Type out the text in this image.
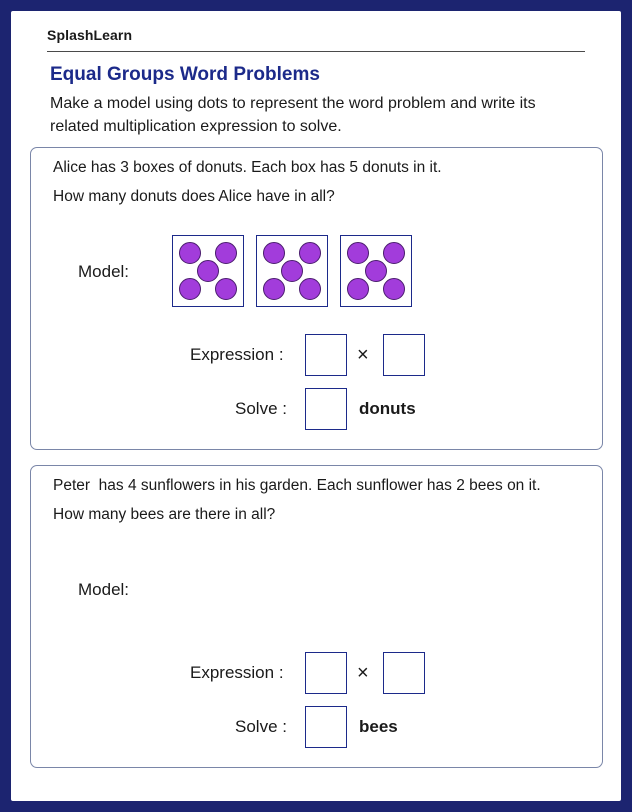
SplashLearn
Equal Groups Word Problems
Make a model using dots to represent the word problem and write its related multiplication expression to solve.
Alice has 3 boxes of donuts. Each box has 5 donuts in it.
How many donuts does Alice have in all?
Model:
Expression :	×
Solve :	donuts
Peter  has 4 sunflowers in his garden. Each sunflower has 2 bees on it.
How many bees are there in all?
Model:
Expression :	×
Solve :	bees
